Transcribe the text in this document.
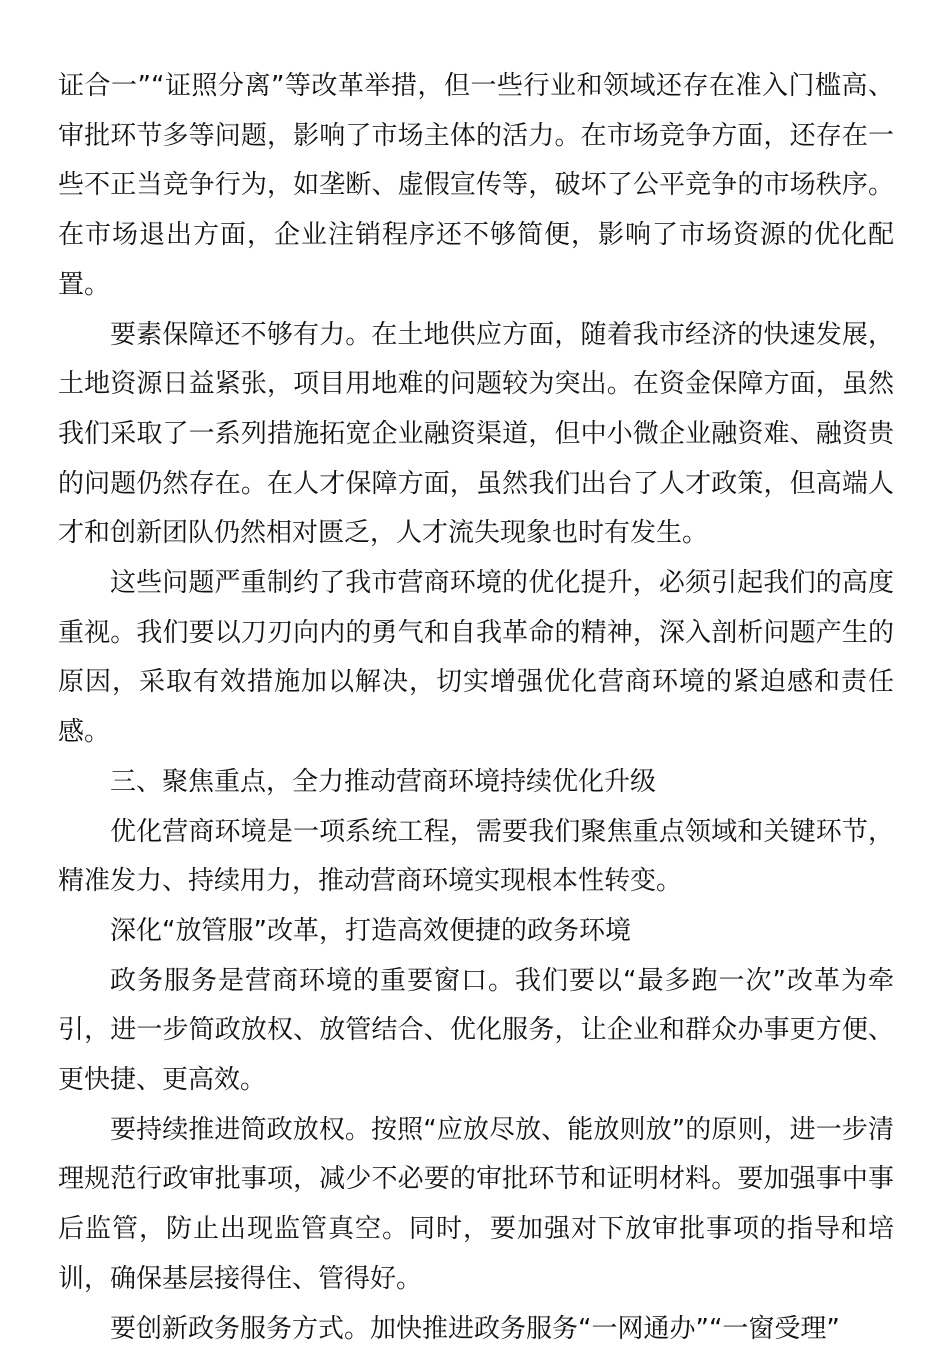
证合一”“证照分离”等改革举措，但一些行业和领域还存在准入门槛高、审批环节多等问题，影响了市场主体的活力。在市场竞争方面，还存在一些不正当竞争行为，如垄断、虚假宣传等，破坏了公平竞争的市场秩序。在市场退出方面，企业注销程序还不够简便，影响了市场资源的优化配置。

要素保障还不够有力。在土地供应方面，随着我市经济的快速发展，土地资源日益紧张，项目用地难的问题较为突出。在资金保障方面，虽然我们采取了一系列措施拓宽企业融资渠道，但中小微企业融资难、融资贵的问题仍然存在。在人才保障方面，虽然我们出台了人才政策，但高端人才和创新团队仍然相对匮乏，人才流失现象也时有发生。

这些问题严重制约了我市营商环境的优化提升，必须引起我们的高度重视。我们要以刀刃向内的勇气和自我革命的精神，深入剖析问题产生的原因，采取有效措施加以解决，切实增强优化营商环境的紧迫感和责任感。

三、聚焦重点，全力推动营商环境持续优化升级

优化营商环境是一项系统工程，需要我们聚焦重点领域和关键环节，精准发力、持续用力，推动营商环境实现根本性转变。

深化“放管服”改革，打造高效便捷的政务环境

政务服务是营商环境的重要窗口。我们要以“最多跑一次”改革为牵引，进一步简政放权、放管结合、优化服务，让企业和群众办事更方便、更快捷、更高效。

要持续推进简政放权。按照“应放尽放、能放则放”的原则，进一步清理规范行政审批事项，减少不必要的审批环节和证明材料。要加强事中事后监管，防止出现监管真空。同时，要加强对下放审批事项的指导和培训，确保基层接得住、管得好。

要创新政务服务方式。加快推进政务服务“一网通办”“一窗受理”
